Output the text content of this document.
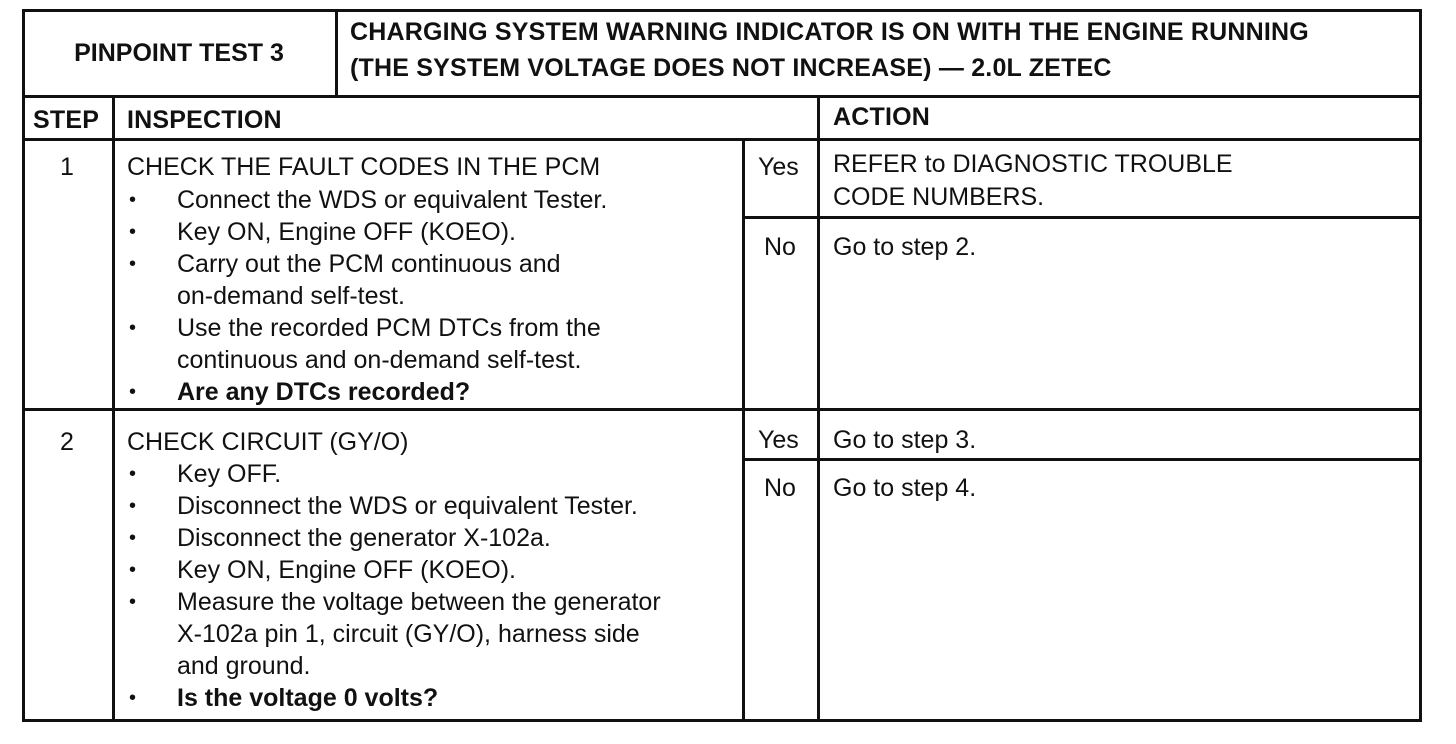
PINPOINT TEST 3
CHARGING SYSTEM WARNING INDICATOR IS ON WITH THE ENGINE RUNNING
(THE SYSTEM VOLTAGE DOES NOT INCREASE) — 2.0L ZETEC
STEP INSPECTION	ACTION
1 CHECK THE FAULT CODES IN THE PCM
• Connect the WDS or equivalent Tester.
• Key ON, Engine OFF (KOEO).
• Carry out the PCM continuous and
on-demand self-test.
• Use the recorded PCM DTCs from the
continuous and on-demand self-test.
• Are any DTCs recorded?
Yes REFER to DIAGNOSTIC TROUBLE
CODE NUMBERS.
No Go to step 2.
2 CHECK CIRCUIT (GY/O)
• Key OFF.
• Disconnect the WDS or equivalent Tester.
• Disconnect the generator X-102a.
• Key ON, Engine OFF (KOEO).
• Measure the voltage between the generator
X-102a pin 1, circuit (GY/O), harness side
and ground.
• Is the voltage 0 volts?
Yes Go to step 3.
No Go to step 4.
